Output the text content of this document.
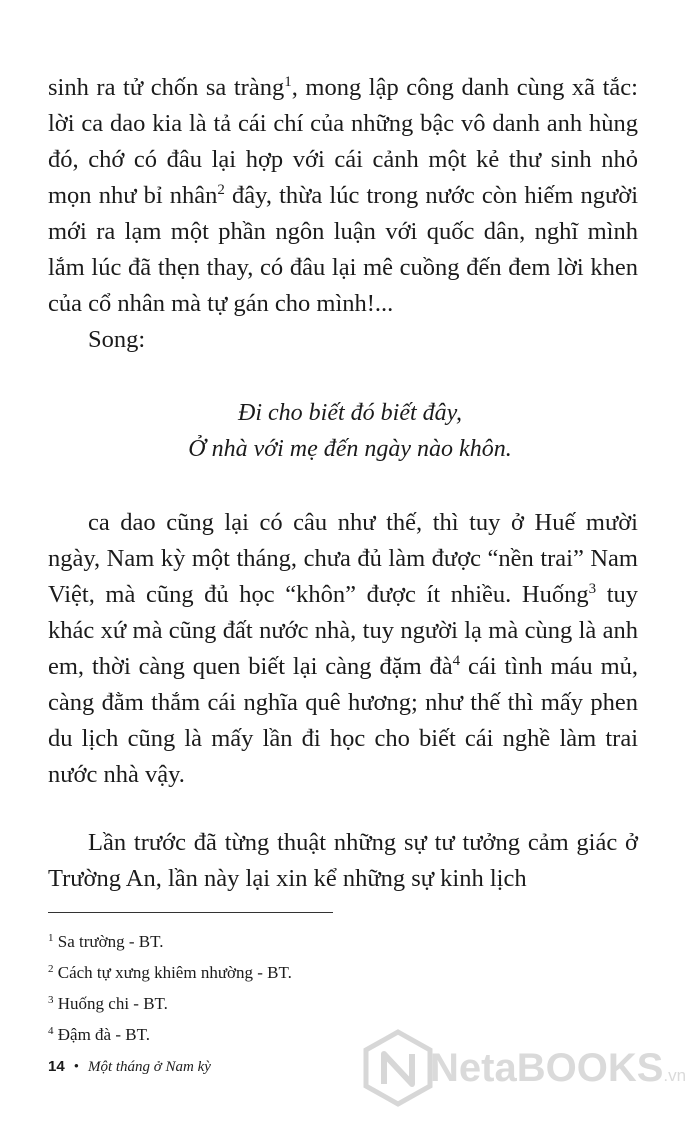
sinh ra tử chốn sa tràng$^1$, mong lập công danh cùng xã tắc: lời ca dao kia là tả cái chí của những bậc vô danh anh hùng đó, chớ có đâu lại hợp với cái cảnh một kẻ thư sinh nhỏ mọn như bỉ nhân$^2$ đây, thừa lúc trong nước còn hiếm người mới ra lạm một phần ngôn luận với quốc dân, nghĩ mình lắm lúc đã thẹn thay, có đâu lại mê cuồng đến đem lời khen của cổ nhân mà tự gán cho mình!...

Song:

Đi cho biết đó biết đây,
Ở nhà với mẹ đến ngày nào khôn.

ca dao cũng lại có câu như thế, thì tuy ở Huế mười ngày, Nam kỳ một tháng, chưa đủ làm được “nền trai” Nam Việt, mà cũng đủ học “khôn” được ít nhiều. Huống$^3$ tuy khác xứ mà cũng đất nước nhà, tuy người lạ mà cùng là anh em, thời càng quen biết lại càng đặm $đà^4$ cái tình máu mủ, càng đằm thắm cái nghĩa quê hương; như thế thì mấy phen du lịch cũng là mấy lần đi học cho biết cái nghề làm trai nước nhà vậy.

Lần trước đã từng thuật những sự tư tưởng cảm giác ở Trường An, lần này lại xin kể những sự kinh lịch

$^1$ Sa trường - BT.
$^2$ Cách tự xưng khiêm nhường - BT.
$^3$ Huống chi - BT.
$^4$ Đậm đà - BT.
14 • Một tháng ở Nam kỳ	NetaBOOKS.vn
